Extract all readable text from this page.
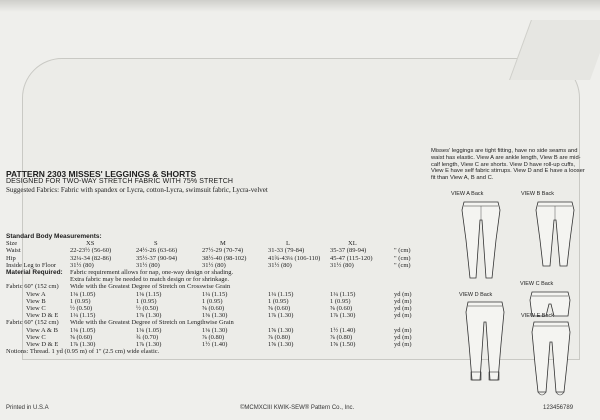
PATTERN 2303 MISSES' LEGGINGS & SHORTS
DESIGNED FOR TWO-WAY STRETCH FABRIC WITH 75% STRETCH
Suggested Fabrics: Fabric with spandex or Lycra, cotton-Lycra, swimsuit fabric, Lycra-velvet
Misses' leggings are tight fitting, have no side seams and waist has elastic. View A are ankle length, View B are mid-calf length, View C are shorts. View D have roll-up cuffs, View E have self fabric stirrups. View D and E have a looser fit than View A, B and C.
Standard Body Measurements:						
Size	XS	S	M	L	XL	
Waist	22-23½ (56-60)	24½-26 (63-66)	27½-29 (70-74)	31-33 (79-84)	35-37 (89-94)	" (cm)
Hip	32¼-34 (82-86)	35½-37 (90-94)	38½-40 (98-102)	41¾-43¼ (106-110)	45-47 (115-120)	" (cm)
Inside Leg to Floor	31½ (80)	31½ (80)	31½ (80)	31½ (80)	31½ (80)	" (cm)
Material Required:	Fabric requirement allows for nap, one-way design or shading.					
	Extra fabric may be needed to match design or for shrinkage.					
Fabric 60" (152 cm)	Wide with the Greatest Degree of Stretch on Crosswise Grain					
View A	1⅛ (1.05)	1⅛ (1.15)	1¼ (1.15)	1¼ (1.15)	1¼ (1.15)	yd (m)
View B	1 (0.95)	1 (0.95)	1 (0.95)	1 (0.95)	1 (0.95)	yd (m)
View C	½ (0.50)	½ (0.50)	⅝ (0.60)	⅝ (0.60)	⅝ (0.60)	yd (m)
View D & E	1¼ (1.15)	1⅞ (1.30)	1⅜ (1.30)	1⅞ (1.30)	1⅞ (1.30)	yd (m)
Fabric 60" (152 cm)	Wide with the Greatest Degree of Stretch on Lengthwise Grain					
View A & B	1⅛ (1.05)	1⅛ (1.05)	1⅛ (1.30)	1⅝ (1.30)	1½ (1.40)	yd (m)
View C	⅝ (0.60)	¾ (0.70)	⅞ (0.80)	⅞ (0.80)	⅞ (0.80)	yd (m)
View D & E	1⅞ (1.30)	1⅞ (1.30)	1½ (1.40)	1⅝ (1.30)	1⅝ (1.50)	yd (m)
Notions: Thread. 1 yd (0.95 m) of 1" (2.5 cm) wide elastic.						
VIEW A Back	VIEW B Back
VIEW C Back
VIEW D Back
VIEW E Back
Printed in U.S.A	©MCMXCIII KWIK-SEW® Pattern Co., Inc.	123456789
